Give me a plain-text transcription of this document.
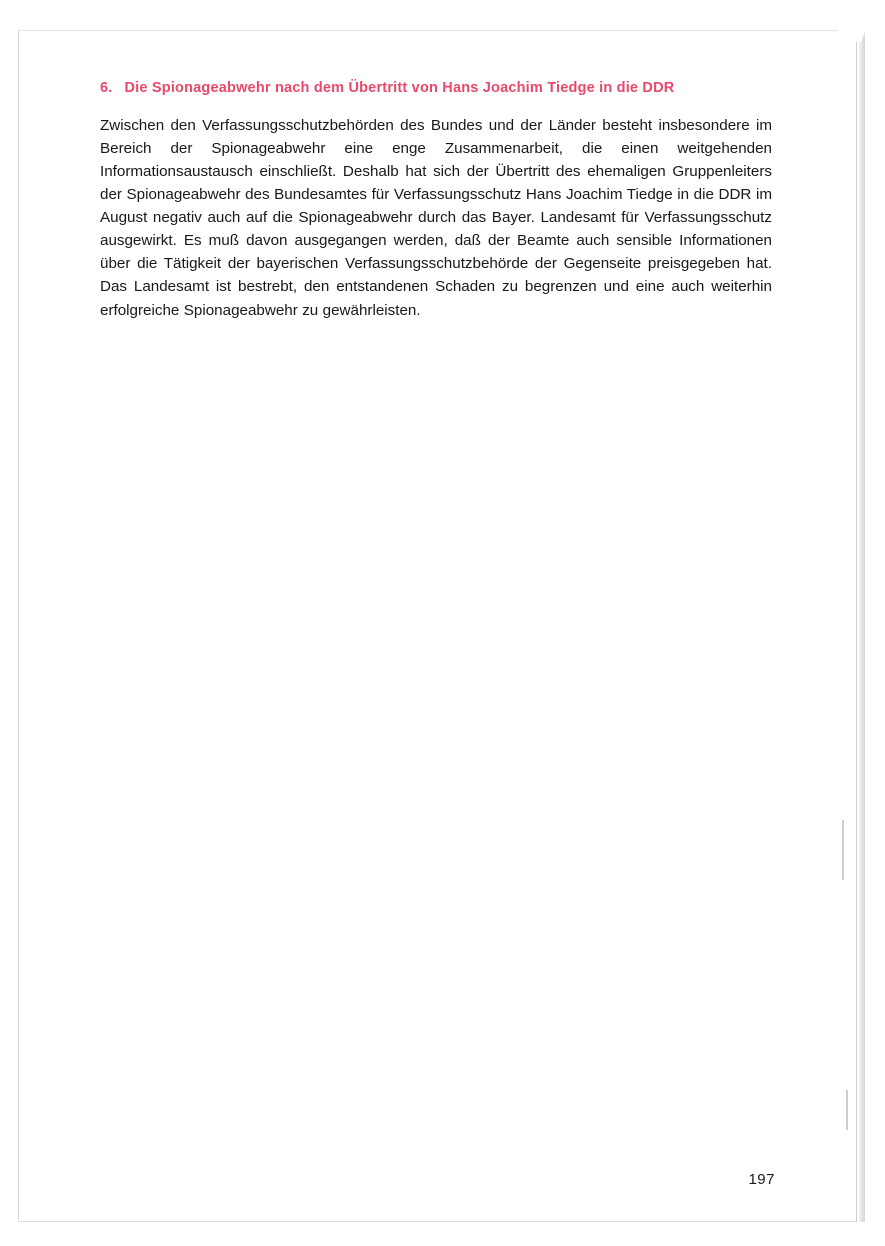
6. Die Spionageabwehr nach dem Übertritt von Hans Joachim Tiedge in die DDR

Zwischen den Verfassungsschutzbehörden des Bundes und der Länder besteht insbesondere im Bereich der Spionageabwehr eine enge Zusammenarbeit, die einen weitgehenden Informationsaustausch einschließt. Deshalb hat sich der Übertritt des ehemaligen Gruppenleiters der Spionageabwehr des Bundesamtes für Verfassungsschutz Hans Joachim Tiedge in die DDR im August negativ auch auf die Spionageabwehr durch das Bayer. Landesamt für Verfassungsschutz ausgewirkt. Es muß davon ausgegangen werden, daß der Beamte auch sensible Informationen über die Tätigkeit der bayerischen Verfassungsschutzbehörde der Gegenseite preisgegeben hat. Das Landesamt ist bestrebt, den entstandenen Schaden zu begrenzen und eine auch weiterhin erfolgreiche Spionageabwehr zu gewährleisten.

197
